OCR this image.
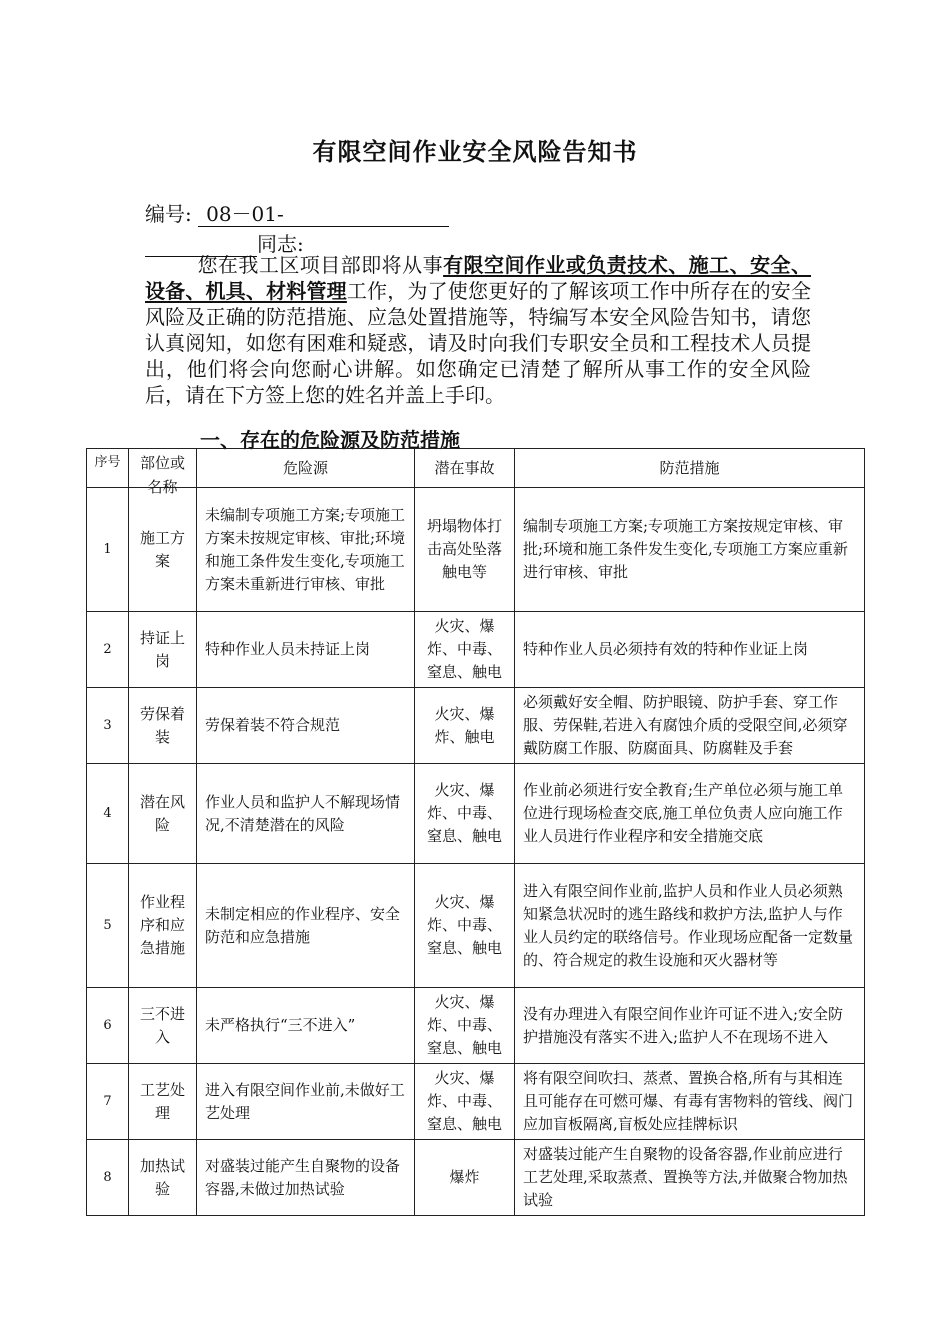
有限空间作业安全风险告知书
编号: 08－01-
同志:

您在我工区项目部即将从事有限空间作业或负责技术、施工、安全、设备、机具、材料管理工作，为了使您更好的了解该项工作中所存在的安全风险及正确的防范措施、应急处置措施等，特编写本安全风险告知书，请您认真阅知，如您有困难和疑惑，请及时向我们专职安全员和工程技术人员提出，他们将会向您耐心讲解。如您确定已清楚了解所从事工作的安全风险后，请在下方签上您的姓名并盖上手印。

一、存在的危险源及防范措施
序号	部位或名称	危险源	潜在事故	防范措施
1	施工方案	未编制专项施工方案;专项施工方案未按规定审核、审批;环境和施工条件发生变化,专项施工方案未重新进行审核、审批	坍塌物体打击高处坠落触电等	编制专项施工方案;专项施工方案按规定审核、审批;环境和施工条件发生变化,专项施工方案应重新进行审核、审批
2	持证上岗	特种作业人员未持证上岗	火灾、爆炸、中毒、窒息、触电	特种作业人员必须持有效的特种作业证上岗
3	劳保着装	劳保着装不符合规范	火灾、爆炸、触电	必须戴好安全帽、防护眼镜、防护手套、穿工作服、劳保鞋,若进入有腐蚀介质的受限空间,必须穿戴防腐工作服、防腐面具、防腐鞋及手套
4	潜在风险	作业人员和监护人不解现场情况,不清楚潜在的风险	火灾、爆炸、中毒、窒息、触电	作业前必须进行安全教育;生产单位必须与施工单位进行现场检查交底,施工单位负责人应向施工作业人员进行作业程序和安全措施交底
5	作业程序和应急措施	未制定相应的作业程序、安全防范和应急措施	火灾、爆炸、中毒、窒息、触电	进入有限空间作业前,监护人员和作业人员必须熟知紧急状况时的逃生路线和救护方法,监护人与作业人员约定的联络信号。作业现场应配备一定数量的、符合规定的救生设施和灭火器材等
6	三不进入	未严格执行“三不进入”	火灾、爆炸、中毒、窒息、触电	没有办理进入有限空间作业许可证不进入;安全防护措施没有落实不进入;监护人不在现场不进入
7	工艺处理	进入有限空间作业前,未做好工艺处理	火灾、爆炸、中毒、窒息、触电	将有限空间吹扫、蒸煮、置换合格,所有与其相连且可能存在可燃可爆、有毒有害物料的管线、阀门应加盲板隔离,盲板处应挂牌标识
8	加热试验	对盛装过能产生自聚物的设备容器,未做过加热试验	爆炸	对盛装过能产生自聚物的设备容器,作业前应进行工艺处理,采取蒸煮、置换等方法,并做聚合物加热试验
